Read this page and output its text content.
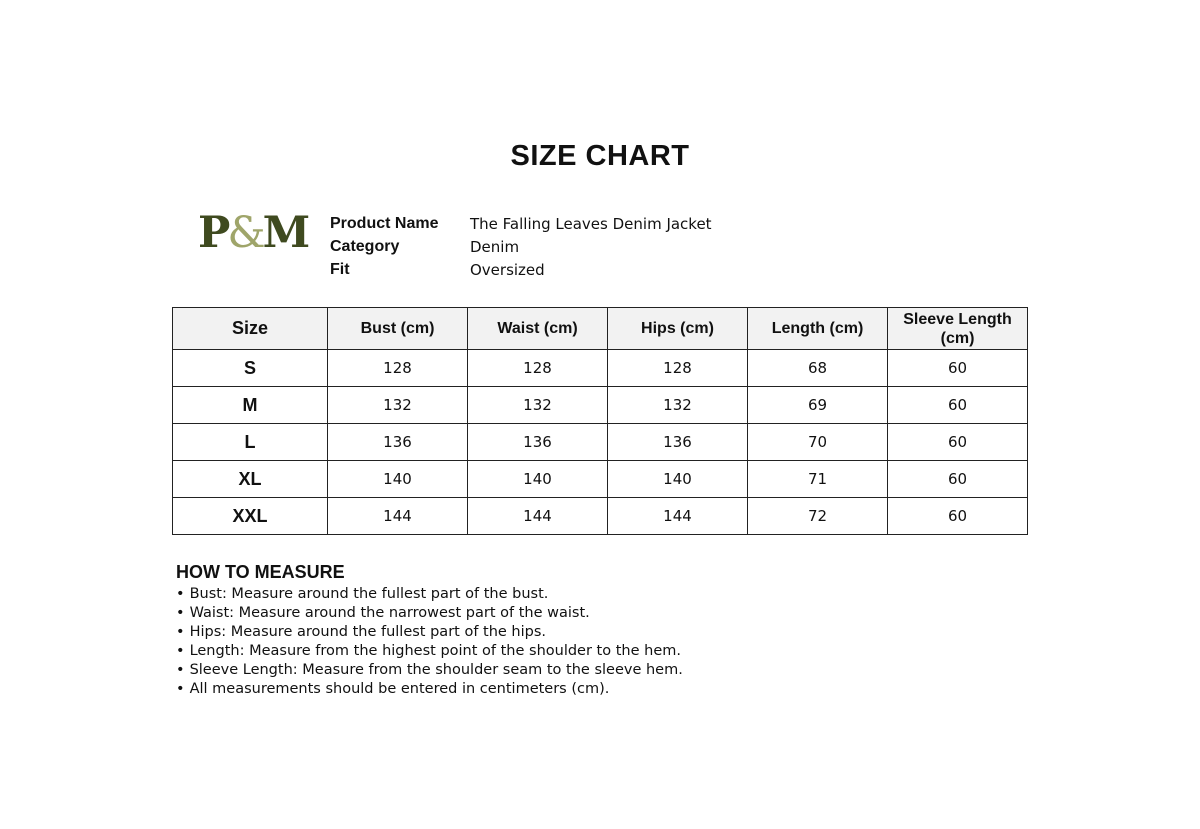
SIZE CHART
P&M Product Name	The Falling Leaves Denim Jacket
Category	Denim
Fit	Oversized
Size	Bust (cm)	Waist (cm)	Hips (cm)	Length (cm)	Sleeve Length (cm)
S	128	128	128	68	60
M	132	132	132	69	60
L	136	136	136	70	60
XL	140	140	140	71	60
XXL	144	144	144	72	60
HOW TO MEASURE
• Bust: Measure around the fullest part of the bust.
• Waist: Measure around the narrowest part of the waist.
• Hips: Measure around the fullest part of the hips.
• Length: Measure from the highest point of the shoulder to the hem.
• Sleeve Length: Measure from the shoulder seam to the sleeve hem.
• All measurements should be entered in centimeters (cm).
